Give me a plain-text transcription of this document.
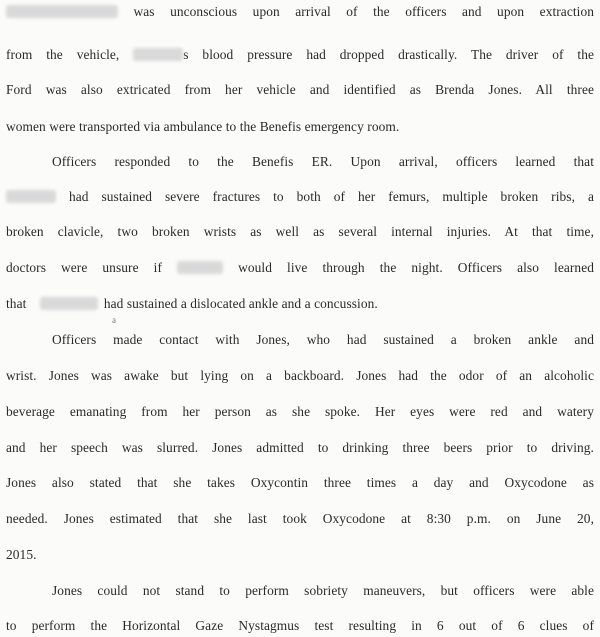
was unconscious upon arrival of the officers and upon extraction
from the vehicle,	s blood pressure had dropped drastically. The driver of the
Ford was also extricated from her vehicle and identified as Brenda Jones. All three
women were transported via ambulance to the Benefis emergency room.
Officers responded to the Benefis ER. Upon arrival, officers learned that
had sustained severe fractures to both of her femurs, multiple broken ribs, a
broken clavicle, two broken wrists as well as several internal injuries. At that time,
doctors were unsure if	would live through the night. Officers also learned
that	had sustained a dislocated ankle and a concussion.
a
Officers made contact with Jones, who had sustained a broken ankle and
wrist. Jones was awake but lying on a backboard. Jones had the odor of an alcoholic
beverage emanating from her person as she spoke. Her eyes were red and watery
and her speech was slurred. Jones admitted to drinking three beers prior to driving.
Jones also stated that she takes Oxycontin three times a day and Oxycodone as
needed. Jones estimated that she last took Oxycodone at 8:30 p.m. on June 20,
2015.
Jones could not stand to perform sobriety maneuvers, but officers were able
to perform the Horizontal Gaze Nystagmus test resulting in 6 out of 6 clues of
